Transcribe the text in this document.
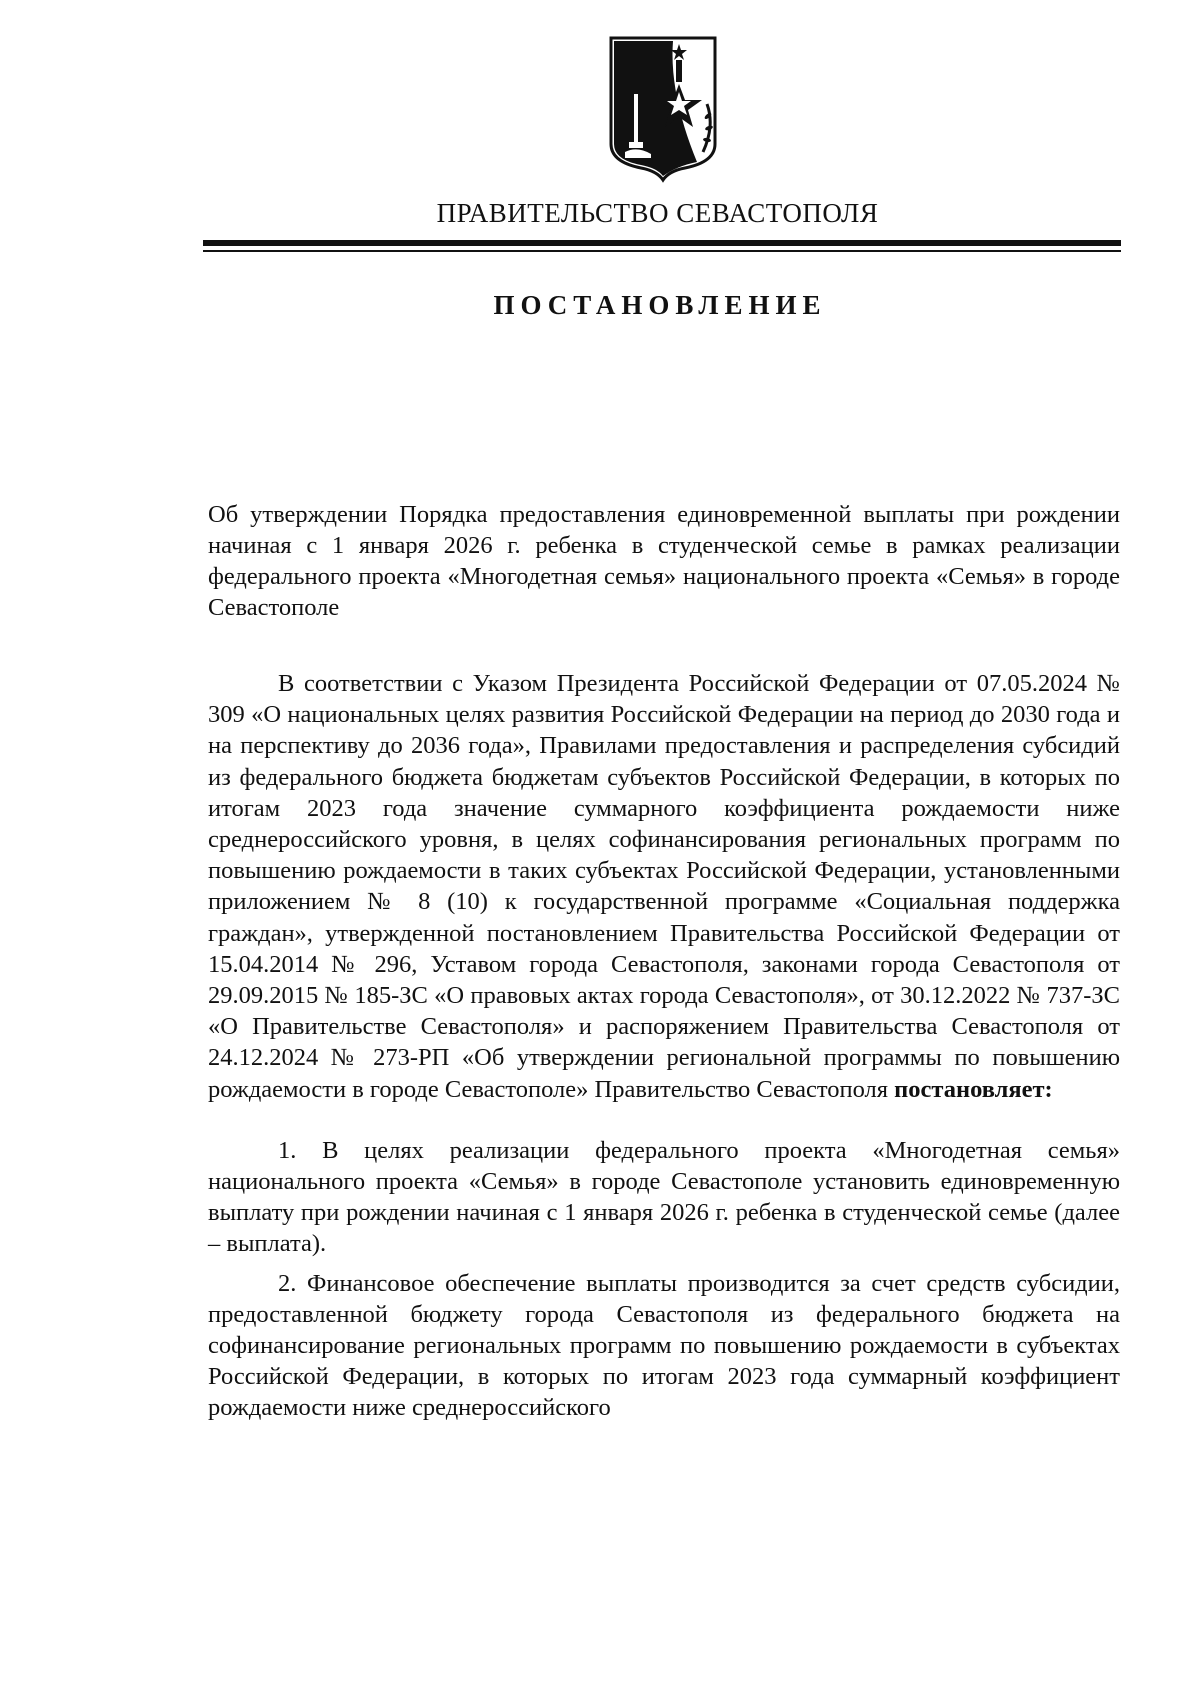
ПРАВИТЕЛЬСТВО СЕВАСТОПОЛЯ
ПОСТАНОВЛЕНИЕ

Об утверждении Порядка предоставления единовременной выплаты при рождении начиная с 1 января 2026 г. ребенка в студенческой семье в рамках реализации федерального проекта «Многодетная семья» национального проекта «Семья» в городе Севастополе

В соответствии с Указом Президента Российской Федерации от 07.05.2024 № 309 «О национальных целях развития Российской Федерации на период до 2030 года и на перспективу до 2036 года», Правилами предоставления и распределения субсидий из федерального бюджета бюджетам субъектов Российской Федерации, в которых по итогам 2023 года значение суммарного коэффициента рождаемости ниже среднероссийского уровня, в целях софинансирования региональных программ по повышению рождаемости в таких субъектах Российской Федерации, установленными приложением № 8 (10) к государственной программе «Социальная поддержка граждан», утвержденной постановлением Правительства Российской Федерации от 15.04.2014 № 296, Уставом города Севастополя, законами города Севастополя от 29.09.2015 № 185-ЗС «О правовых актах города Севастополя», от 30.12.2022 № 737-ЗС «О Правительстве Севастополя» и распоряжением Правительства Севастополя от 24.12.2024 № 273-РП «Об утверждении региональной программы по повышению рождаемости в городе Севастополе» Правительство Севастополя постановляет:

1. В целях реализации федерального проекта «Многодетная семья» национального проекта «Семья» в городе Севастополе установить единовременную выплату при рождении начиная с 1 января 2026 г. ребенка в студенческой семье (далее – выплата).

2. Финансовое обеспечение выплаты производится за счет средств субсидии, предоставленной бюджету города Севастополя из федерального бюджета на софинансирование региональных программ по повышению рождаемости в субъектах Российской Федерации, в которых по итогам 2023 года суммарный коэффициент рождаемости ниже среднероссийского
